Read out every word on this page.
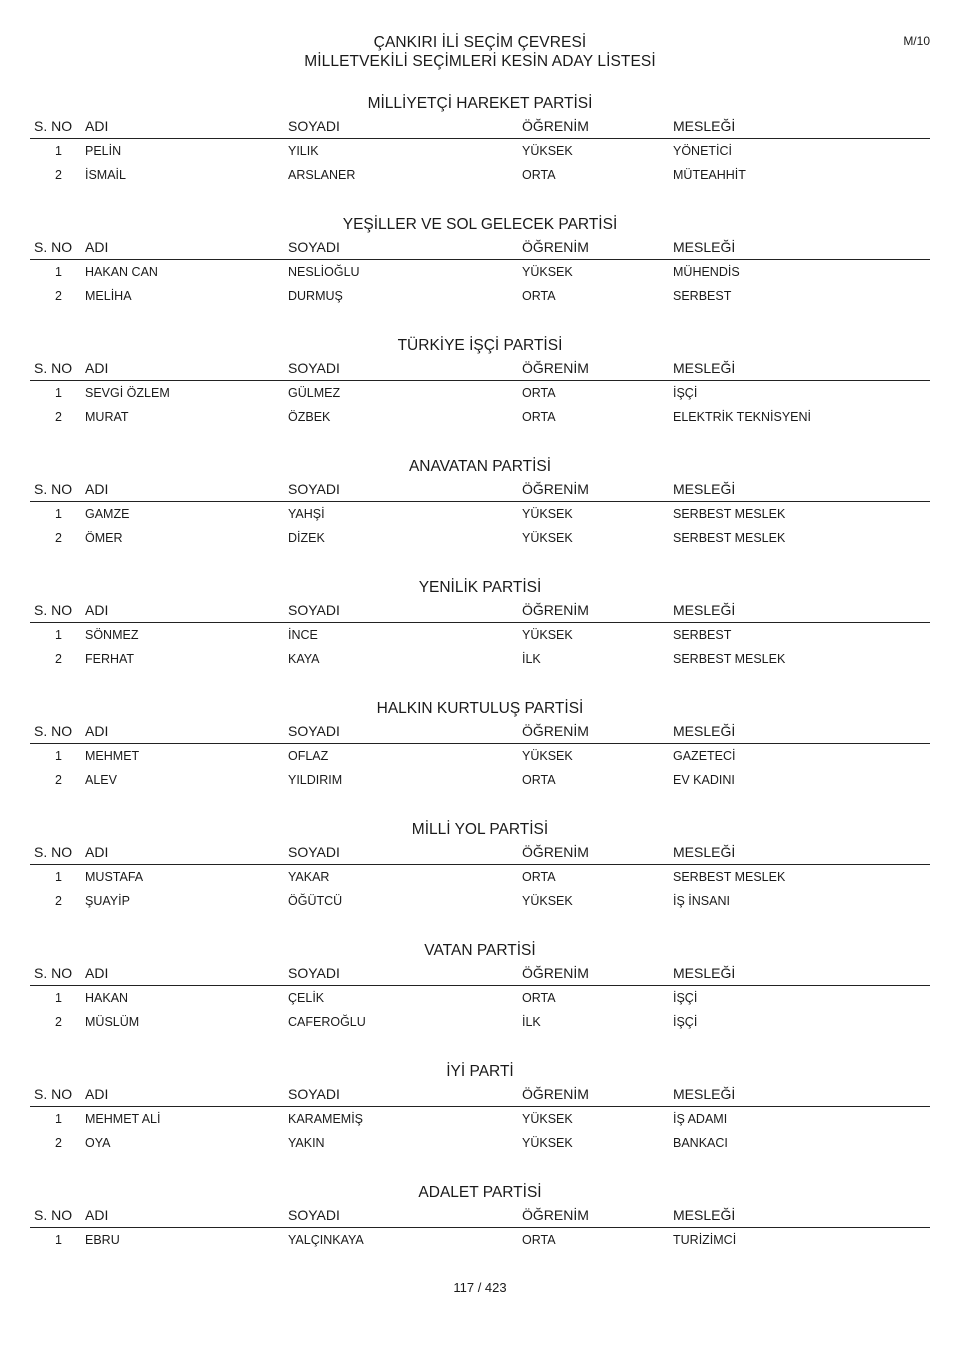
M/10
ÇANKIRI İLİ SEÇİM ÇEVRESİ
MİLLETVEKİLİ SEÇİMLERİ KESİN ADAY LİSTESİ
MİLLİYETÇİ HAREKET PARTİSİ
S. NO ADI	SOYADI	ÖĞRENİM	MESLEĞİ
1 PELİN	YILIK	YÜKSEK	YÖNETİCİ
2 İSMAİL	ARSLANER	ORTA	MÜTEAHHİT
YEŞİLLER VE SOL GELECEK PARTİSİ
S. NO ADI	SOYADI	ÖĞRENİM	MESLEĞİ
1 HAKAN CAN	NESLİOĞLU	YÜKSEK	MÜHENDİS
2 MELİHA	DURMUŞ	ORTA	SERBEST
TÜRKİYE İŞÇİ PARTİSİ
S. NO ADI	SOYADI	ÖĞRENİM	MESLEĞİ
1 SEVGİ ÖZLEM	GÜLMEZ	ORTA	İŞÇİ
2 MURAT	ÖZBEK	ORTA	ELEKTRİK TEKNİSYENİ
ANAVATAN PARTİSİ
S. NO ADI	SOYADI	ÖĞRENİM	MESLEĞİ
1 GAMZE	YAHŞİ	YÜKSEK	SERBEST MESLEK
2 ÖMER	DİZEK	YÜKSEK	SERBEST MESLEK
YENİLİK PARTİSİ
S. NO ADI	SOYADI	ÖĞRENİM	MESLEĞİ
1 SÖNMEZ	İNCE	YÜKSEK	SERBEST
2 FERHAT	KAYA	İLK	SERBEST MESLEK
HALKIN KURTULUŞ PARTİSİ
S. NO ADI	SOYADI	ÖĞRENİM	MESLEĞİ
1 MEHMET	OFLAZ	YÜKSEK	GAZETECİ
2 ALEV	YILDIRIM	ORTA	EV KADINI
MİLLİ YOL PARTİSİ
S. NO ADI	SOYADI	ÖĞRENİM	MESLEĞİ
1 MUSTAFA	YAKAR	ORTA	SERBEST MESLEK
2 ŞUAYİP	ÖĞÜTCÜ	YÜKSEK	İŞ İNSANI
VATAN PARTİSİ
S. NO ADI	SOYADI	ÖĞRENİM	MESLEĞİ
1 HAKAN	ÇELİK	ORTA	İŞÇİ
2 MÜSLÜM	CAFEROĞLU	İLK	İŞÇİ
İYİ PARTİ
S. NO ADI	SOYADI	ÖĞRENİM	MESLEĞİ
1 MEHMET ALİ	KARAMEMİŞ	YÜKSEK	İŞ ADAMI
2 OYA	YAKIN	YÜKSEK	BANKACI
ADALET PARTİSİ
S. NO ADI	SOYADI	ÖĞRENİM	MESLEĞİ
1 EBRU	YALÇINKAYA	ORTA	TURİZİMCİ
117 / 423
